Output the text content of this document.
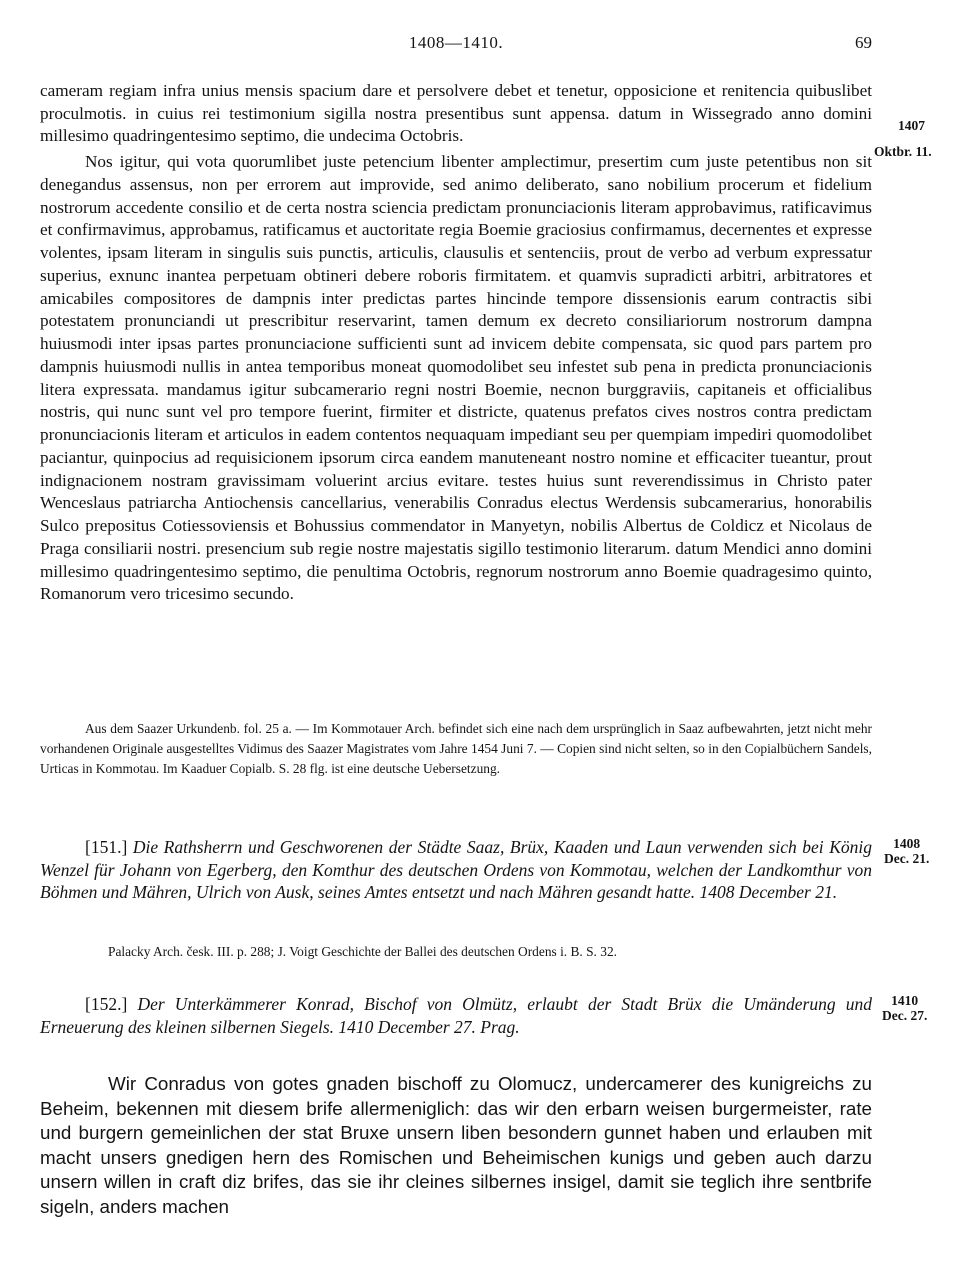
1408—1410.	69
cameram regiam infra unius mensis spacium dare et persolvere debet et tenetur, opposicione et renitencia quibuslibet proculmotis. in cuius rei testimonium sigilla nostra presentibus sunt appensa. datum in Wissegrado anno domini millesimo quadringentesimo septimo, die undecima Octobris.
1407
Oktbr. 11.
Nos igitur, qui vota quorumlibet juste petencium libenter amplectimur, presertim cum juste petentibus non sit denegandus assensus, non per errorem aut improvide, sed animo deliberato, sano nobilium procerum et fidelium nostrorum accedente consilio et de certa nostra sciencia predictam pronunciacionis literam approbavimus, ratificavimus et confirmavimus, approbamus, ratificamus et auctoritate regia Boemie graciosius confirmamus, decernentes et expresse volentes, ipsam literam in singulis suis punctis, articulis, clausulis et sentenciis, prout de verbo ad verbum expressatur superius, exnunc inantea perpetuam obtineri debere roboris firmitatem. et quamvis supradicti arbitri, arbitratores et amicabiles compositores de dampnis inter predictas partes hincinde tempore dissensionis earum contractis sibi potestatem pronunciandi ut prescribitur reservarint, tamen demum ex decreto consiliariorum nostrorum dampna huiusmodi inter ipsas partes pronunciacione sufficienti sunt ad invicem debite compensata, sic quod pars partem pro dampnis huiusmodi nullis in antea temporibus moneat quomodolibet seu infestet sub pena in predicta pronunciacionis litera expressata. mandamus igitur subcamerario regni nostri Boemie, necnon burggraviis, capitaneis et officialibus nostris, qui nunc sunt vel pro tempore fuerint, firmiter et districte, quatenus prefatos cives nostros contra predictam pronunciacionis literam et articulos in eadem contentos nequaquam impediant seu per quempiam impediri quomodolibet paciantur, quinpocius ad requisicionem ipsorum circa eandem manuteneant nostro nomine et efficaciter tueantur, prout indignacionem nostram gravissimam voluerint arcius evitare. testes huius sunt reverendissimus in Christo pater Wenceslaus patriarcha Antiochensis cancellarius, venerabilis Conradus electus Werdensis subcamerarius, honorabilis Sulco prepositus Cotiessoviensis et Bohussius commendator in Manyetyn, nobilis Albertus de Coldicz et Nicolaus de Praga consiliarii nostri. presencium sub regie nostre majestatis sigillo testimonio literarum. datum Mendici anno domini millesimo quadringentesimo septimo, die penultima Octobris, regnorum nostrorum anno Boemie quadragesimo quinto, Romanorum vero tricesimo secundo.
Aus dem Saazer Urkundenb. fol. 25 a. — Im Kommotauer Arch. befindet sich eine nach dem ursprünglich in Saaz aufbewahrten, jetzt nicht mehr vorhandenen Originale ausgestelltes Vidimus des Saazer Magistrates vom Jahre 1454 Juni 7. — Copien sind nicht selten, so in den Copialbüchern Sandels, Urticas in Kommotau. Im Kaaduer Copialb. S. 28 flg. ist eine deutsche Uebersetzung.
[151.] Die Rathsherrn und Geschworenen der Städte Saaz, Brüx, Kaaden und Laun verwenden sich bei König Wenzel für Johann von Egerberg, den Komthur des deutschen Ordens von Kommotau, welchen der Landkomthur von Böhmen und Mähren, Ulrich von Ausk, seines Amtes entsetzt und nach Mähren gesandt hatte. 1408 December 21.
1408
Dec. 21.
Palacky Arch. česk. III. p. 288; J. Voigt Geschichte der Ballei des deutschen Ordens i. B. S. 32.
[152.] Der Unterkämmerer Konrad, Bischof von Olmütz, erlaubt der Stadt Brüx die Umänderung und Erneuerung des kleinen silbernen Siegels. 1410 December 27. Prag.
1410
Dec. 27.
Wir Conradus von gotes gnaden bischoff zu Olomucz, undercamerer des kunigreichs zu Beheim, bekennen mit diesem brife allermeniglich: das wir den erbarn weisen burgermeister, rate und burgern gemeinlichen der stat Bruxe unsern liben besondern gunnet haben und erlauben mit macht unsers gnedigen hern des Romischen und Beheimischen kunigs und geben auch darzu unsern willen in craft diz brifes, das sie ihr cleines silbernes insigel, damit sie teglich ihre sentbrife sigeln, anders machen
